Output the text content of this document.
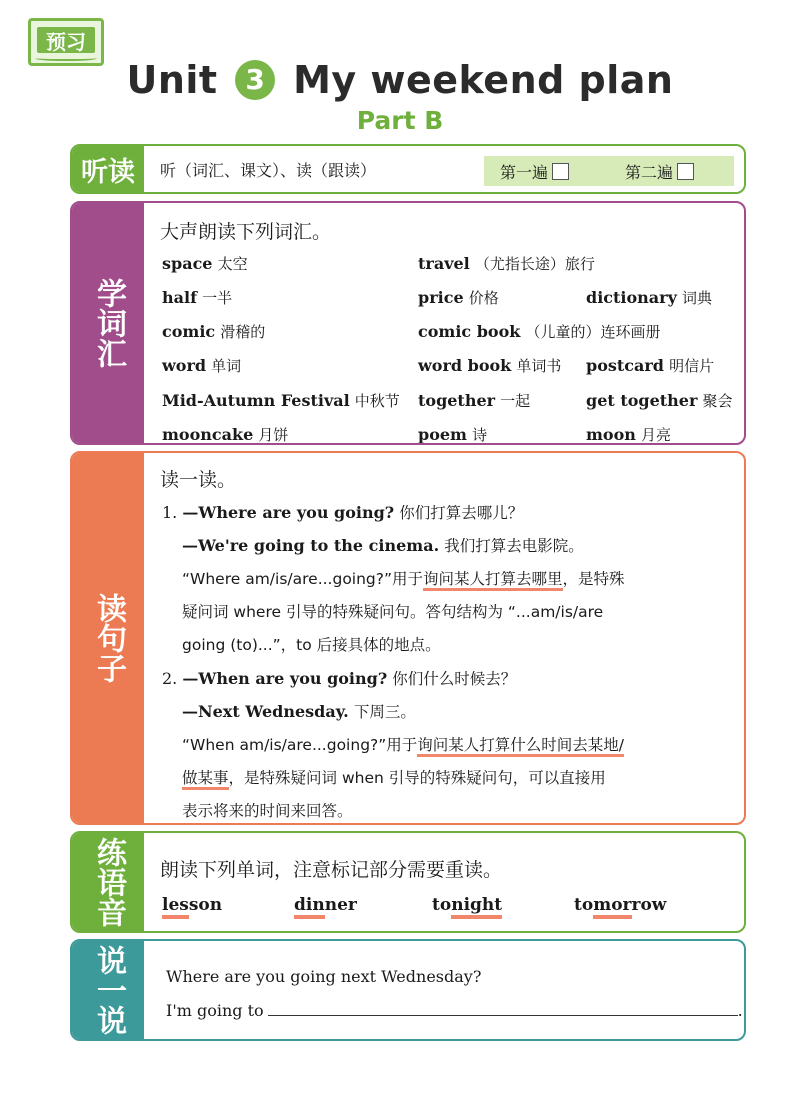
预习
Unit 3 My weekend plan
Part B
听读	听（词汇、课文）、读（跟读）	第一遍	第二遍
学词汇
大声朗读下列词汇。
space 太空	travel （尤指长途）旅行
half 一半	price 价格	dictionary 词典
comic 滑稽的	comic book （儿童的）连环画册
word 单词	word book 单词书 postcard 明信片
Mid-Autumn Festival 中秋节 together 一起	get together 聚会
mooncake 月饼	poem 诗	moon 月亮
读句子
读一读。
1. —Where are you going? 你们打算去哪儿？
—We're going to the cinema. 我们打算去电影院。
“Where am/is/are...going?”用于询问某人打算去哪里，是特殊
疑问词 where 引导的特殊疑问句。答句结构为 “...am/is/are
going (to)...”，to 后接具体的地点。
2. —When are you going? 你们什么时候去？
—Next Wednesday. 下周三。
“When am/is/are...going?”用于询问某人打算什么时间去某地/
做某事，是特殊疑问词 when 引导的特殊疑问句，可以直接用
表示将来的时间来回答。
练语音 朗读下列单词，注意标记部分需要重读。
lesson	dinner	tonight	tomorrow
说一说	Where are you going next Wednesday?
I'm going to	.
